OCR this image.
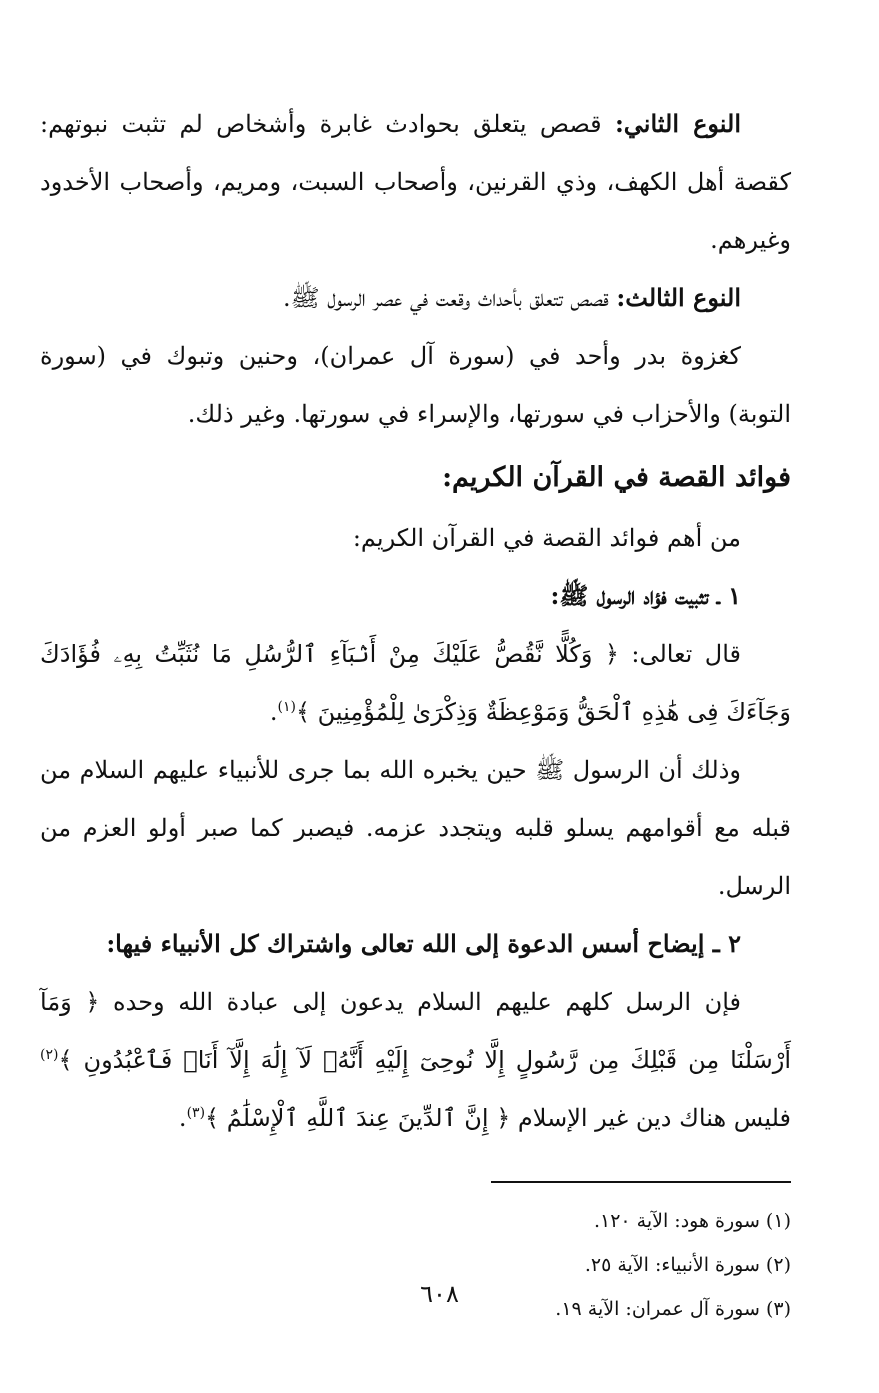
النوع الثاني: قصص يتعلق بحوادث غابرة وأشخاص لم تثبت نبوتهم: كقصة أهل الكهف، وذي القرنين، وأصحاب السبت، ومريم، وأصحاب الأخدود وغيرهم.

النوع الثالث: قصص تتعلق بأحداث وقعت في عصر الرسول ﷺ.

كغزوة بدر وأحد في (سورة آل عمران)، وحنين وتبوك في (سورة التوبة) والأحزاب في سورتها، والإسراء في سورتها. وغير ذلك.

فوائد القصة في القرآن الكريم:

من أهم فوائد القصة في القرآن الكريم:

١ ـ تثبيت فؤاد الرسول ﷺ:

قال تعالى: ﴿ وَكُلًّا نَّقُصُّ عَلَيْكَ مِنْ أَنۢبَآءِ ٱلرُّسُلِ مَا نُثَبِّتُ بِهِۦ فُؤَادَكَ وَجَآءَكَ فِى هَٰذِهِ ٱلْحَقُّ وَمَوْعِظَةٌ وَذِكْرَىٰ لِلْمُؤْمِنِينَ ﴾$^{(١)}$.

وذلك أن الرسول ﷺ حين يخبره الله بما جرى للأنبياء عليهم السلام من قبله مع أقوامهم يسلو قلبه ويتجدد عزمه. فيصبر كما صبر أولو العزم من الرسل.

٢ ـ إيضاح أسس الدعوة إلى الله تعالى واشتراك كل الأنبياء فيها:

فإن الرسل كلهم عليهم السلام يدعون إلى عبادة الله وحده ﴿ وَمَآ أَرْسَلْنَا مِن قَبْلِكَ مِن رَّسُولٍ إِلَّا نُوحِىٓ إِلَيْهِ أَنَّهُۥ لَآ إِلَٰهَ إِلَّآ أَنَا۠ فَٱعْبُدُونِ ﴾$^{(٢)}$ فليس هناك دين غير الإسلام ﴿ إِنَّ ٱلدِّينَ عِندَ ٱللَّهِ ٱلْإِسْلَٰمُ ﴾$^{(٣)}$.

(١) سورة هود: الآية ١٢٠.

(٢) سورة الأنبياء: الآية ٢٥.

(٣) سورة آل عمران: الآية ١٩.

٦٠٨
